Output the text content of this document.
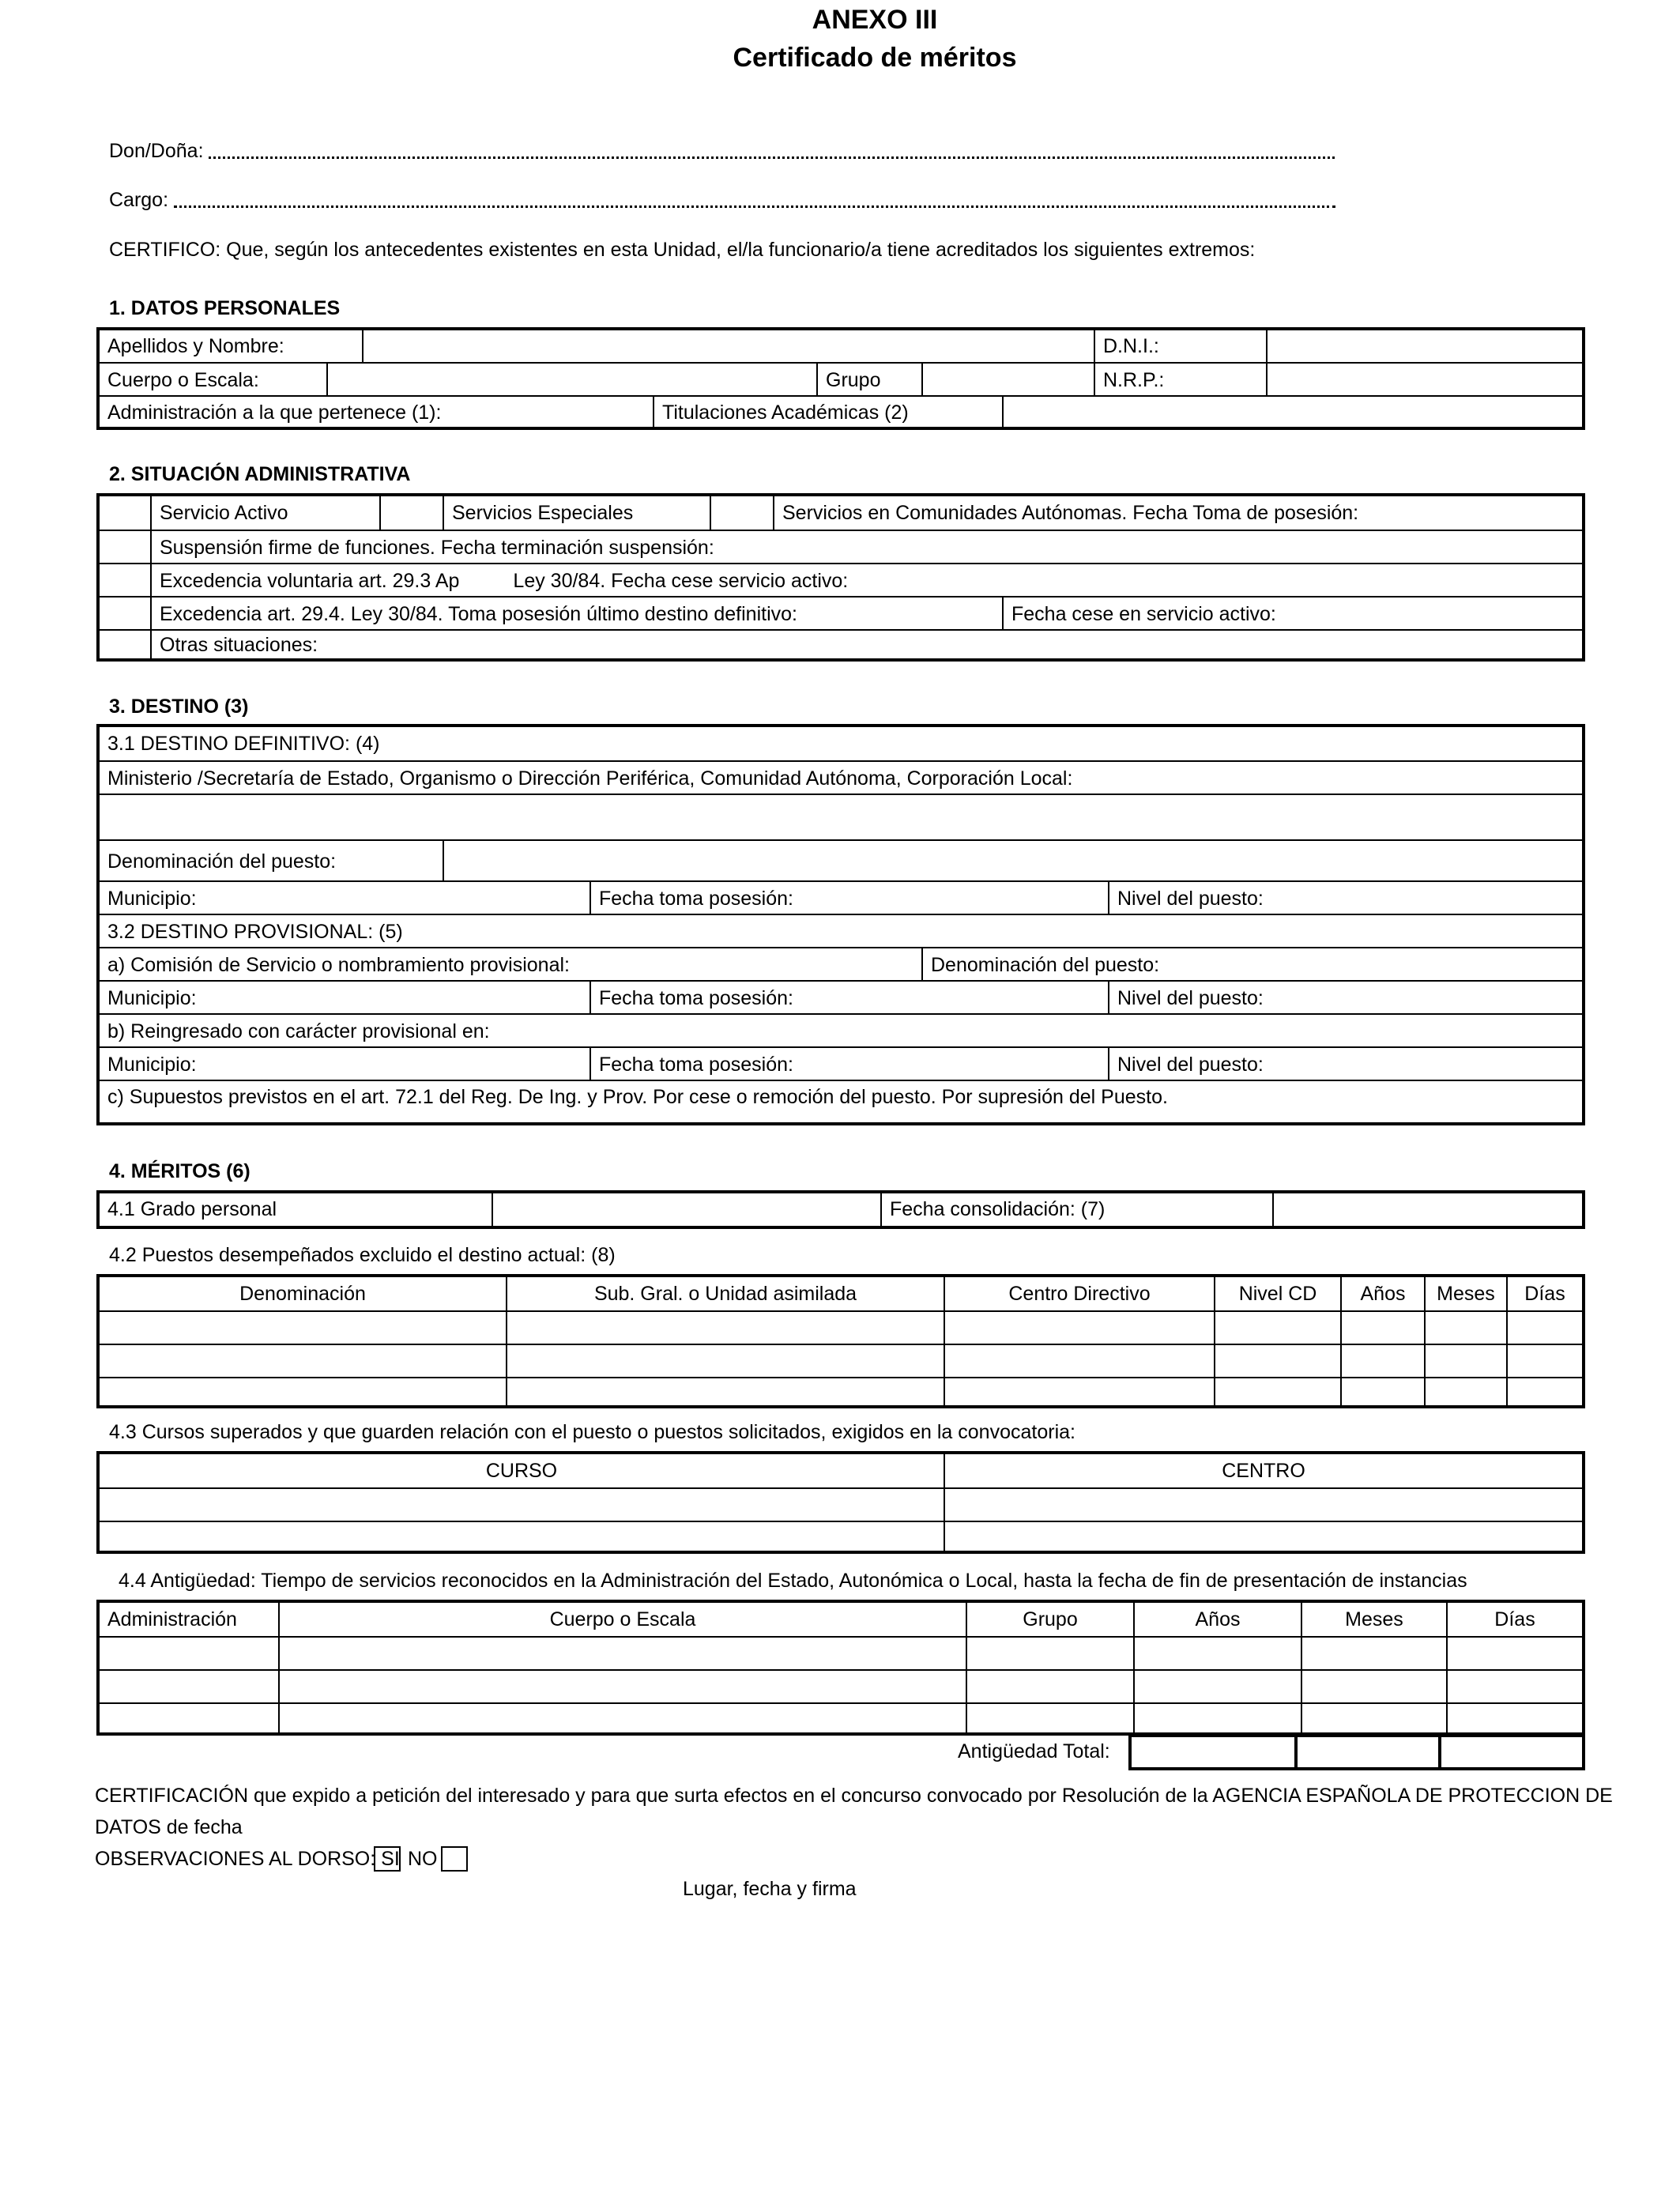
ANEXO III
Certificado de méritos
Don/Doña:
Cargo:
CERTIFICO: Que, según los antecedentes existentes en esta Unidad, el/la funcionario/a tiene acreditados los siguientes extremos:
1. DATOS PERSONALES
Apellidos y Nombre:	D.N.I.:
Cuerpo o Escala:	Grupo	N.R.P.:
Administración a la que pertenece (1):	Titulaciones Académicas (2)
2. SITUACIÓN ADMINISTRATIVA
Servicio Activo	Servicios Especiales	Servicios en Comunidades Autónomas. Fecha Toma de posesión:
Suspensión firme de funciones. Fecha terminación suspensión:
Excedencia voluntaria art. 29.3 Ap	Ley 30/84. Fecha cese servicio activo:
Excedencia art. 29.4. Ley 30/84. Toma posesión último destino definitivo:	Fecha cese en servicio activo:
Otras situaciones:
3. DESTINO (3)
3.1 DESTINO DEFINITIVO: (4)
Ministerio /Secretaría de Estado, Organismo o Dirección Periférica, Comunidad Autónoma, Corporación Local:
Denominación del puesto:
Municipio:	Fecha toma posesión:	Nivel del puesto:
3.2 DESTINO PROVISIONAL: (5)
a) Comisión de Servicio o nombramiento provisional:	Denominación del puesto:
Municipio:	Fecha toma posesión:	Nivel del puesto:
b) Reingresado con carácter provisional en:
Municipio:	Fecha toma posesión:	Nivel del puesto:
c) Supuestos previstos en el art. 72.1 del Reg. De Ing. y Prov. Por cese o remoción del puesto. Por supresión del Puesto.
4. MÉRITOS (6)
4.1 Grado personal	Fecha consolidación: (7)
4.2 Puestos desempeñados excluido el destino actual: (8)
Denominación	Sub. Gral. o Unidad asimilada	Centro Directivo	Nivel CD	Años	Meses	Días
4.3 Cursos superados y que guarden relación con el puesto o puestos solicitados, exigidos en la convocatoria:
CURSO	CENTRO
4.4 Antigüedad: Tiempo de servicios reconocidos en la Administración del Estado, Autonómica o Local, hasta la fecha de fin de presentación de instancias
Administración	Cuerpo o Escala	Grupo	Años	Meses	Días
Antigüedad Total:
CERTIFICACIÓN que expido a petición del interesado y para que surta efectos en el concurso convocado por Resolución de la AGENCIA ESPAÑOLA DE PROTECCION DE
DATOS de fecha
OBSERVACIONES AL DORSO: SI NO
Lugar, fecha y firma
